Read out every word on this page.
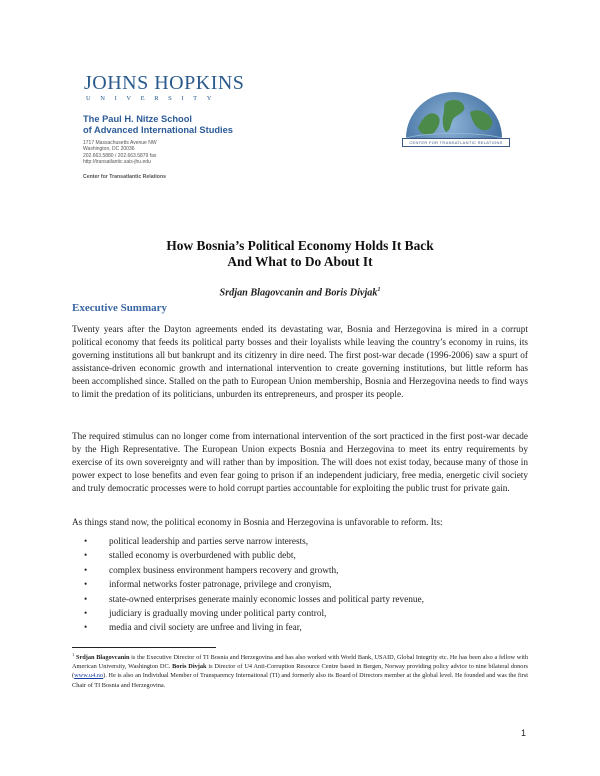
JOHNS HOPKINS
UNIVERSITY
The Paul H. Nitze School
of Advanced International Studies
1717 Massachusetts Avenue NW
Washington, DC 20036
202.663.5880 / 202.663.5879 fax
http://transatlantic.sais-jhu.edu
Center for Transatlantic Relations
CENTER FOR TRANSATLANTIC RELATIONS
How Bosnia’s Political Economy Holds It Back
And What to Do About It
Srdjan Blagovcanin and Boris Divjak$^1$
Executive Summary
Twenty years after the Dayton agreements ended its devastating war, Bosnia and Herzegovina is mired in a corrupt political economy that feeds its political party bosses and their loyalists while leaving the country’s economy in ruins, its governing institutions all but bankrupt and its citizenry in dire need. The first post-war decade (1996-2006) saw a spurt of assistance-driven economic growth and international intervention to create governing institutions, but little reform has been accomplished since. Stalled on the path to European Union membership, Bosnia and Herzegovina needs to find ways to limit the predation of its politicians, unburden its entrepreneurs, and prosper its people.
The required stimulus can no longer come from international intervention of the sort practiced in the first post-war decade by the High Representative. The European Union expects Bosnia and Herzegovina to meet its entry requirements by exercise of its own sovereignty and will rather than by imposition. The will does not exist today, because many of those in power expect to lose benefits and even fear going to prison if an independent judiciary, free media, energetic civil society and truly democratic processes were to hold corrupt parties accountable for exploiting the public trust for private gain.
As things stand now, the political economy in Bosnia and Herzegovina is unfavorable to reform. Its:
• political leadership and parties serve narrow interests,
• stalled economy is overburdened with public debt,
• complex business environment hampers recovery and growth,
• informal networks foster patronage, privilege and cronyism,
• state-owned enterprises generate mainly economic losses and political party revenue,
• judiciary is gradually moving under political party control,
• media and civil society are unfree and living in fear,
$^1$ Srdjan Blagovcanin is the Executive Director of TI Bosnia and Herzegovina and has also worked with World Bank, USAID, Global Integrity etc. He has been also a fellow with American University, Washington DC. Boris Divjak is Director of U4 Anti-Corruption Resource Centre based in Bergen, Norway providing policy advice to nine bilateral donors (www.u4.no). He is also an Individual Member of Transparency International (TI) and formerly also its Board of Directors member at the global level. He founded and was the first Chair of TI Bosnia and Herzegovina.
1
